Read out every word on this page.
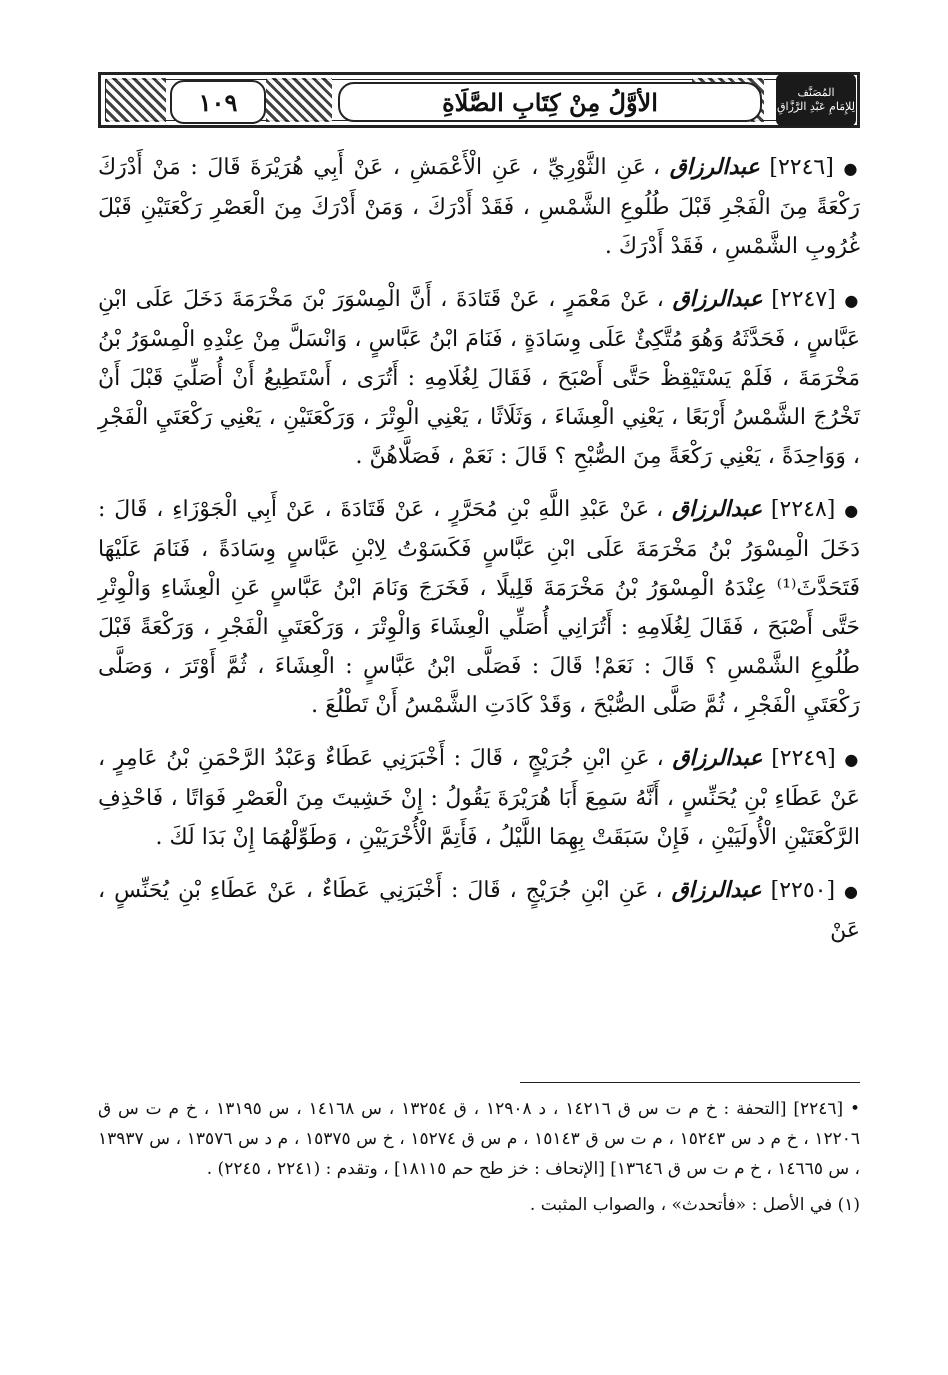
١٠٩	الأوَّلُ مِنْ كِتَابِ الصَّلَاةِ	المُصَنَّف
لِلإِمَامِ عَبْدِ الرَّزَّاقِ

● [٢٢٤٦] عبدالرزاق ، عَنِ الثَّوْرِيِّ ، عَنِ الْأَعْمَشِ ، عَنْ أَبِي هُرَيْرَةَ قَالَ : مَنْ أَدْرَكَ رَكْعَةً مِنَ الْفَجْرِ قَبْلَ طُلُوعِ الشَّمْسِ ، فَقَدْ أَدْرَكَ ، وَمَنْ أَدْرَكَ مِنَ الْعَصْرِ رَكْعَتَيْنِ قَبْلَ غُرُوبِ الشَّمْسِ ، فَقَدْ أَدْرَكَ .

● [٢٢٤٧] عبدالرزاق ، عَنْ مَعْمَرٍ ، عَنْ قَتَادَةَ ، أَنَّ الْمِسْوَرَ بْنَ مَخْرَمَةَ دَخَلَ عَلَى ابْنِ عَبَّاسٍ ، فَحَدَّثَهُ وَهُوَ مُتَّكِئٌ عَلَى وِسَادَةٍ ، فَنَامَ ابْنُ عَبَّاسٍ ، وَانْسَلَّ مِنْ عِنْدِهِ الْمِسْوَرُ بْنُ مَخْرَمَةَ ، فَلَمْ يَسْتَيْقِظْ حَتَّى أَصْبَحَ ، فَقَالَ لِغُلَامِهِ : أَتُرَى ، أَسْتَطِيعُ أَنْ أُصَلِّيَ قَبْلَ أَنْ تَخْرُجَ الشَّمْسُ أَرْبَعًا ، يَعْنِي الْعِشَاءَ ، وَثَلَاثًا ، يَعْنِي الْوِتْرَ ، وَرَكْعَتَيْنِ ، يَعْنِي رَكْعَتَيِ الْفَجْرِ ، وَوَاحِدَةً ، يَعْنِي رَكْعَةً مِنَ الصُّبْحِ ؟ قَالَ : نَعَمْ ، فَصَلَّاهُنَّ .

● [٢٢٤٨] عبدالرزاق ، عَنْ عَبْدِ اللَّهِ بْنِ مُحَرَّرٍ ، عَنْ قَتَادَةَ ، عَنْ أَبِي الْجَوْزَاءِ ، قَالَ : دَخَلَ الْمِسْوَرُ بْنُ مَخْرَمَةَ عَلَى ابْنِ عَبَّاسٍ فَكَسَوْتُ لِابْنِ عَبَّاسٍ وِسَادَةً ، فَنَامَ عَلَيْهَا فَتَحَدَّثَ⁽¹⁾ عِنْدَهُ الْمِسْوَرُ بْنُ مَخْرَمَةَ قَلِيلًا ، فَخَرَجَ وَنَامَ ابْنُ عَبَّاسٍ عَنِ الْعِشَاءِ وَالْوِتْرِ حَتَّى أَصْبَحَ ، فَقَالَ لِغُلَامِهِ : أَتُرَانِي أُصَلِّي الْعِشَاءَ وَالْوِتْرَ ، وَرَكْعَتَيِ الْفَجْرِ ، وَرَكْعَةً قَبْلَ طُلُوعِ الشَّمْسِ ؟ قَالَ : نَعَمْ! قَالَ : فَصَلَّى ابْنُ عَبَّاسٍ : الْعِشَاءَ ، ثُمَّ أَوْتَرَ ، وَصَلَّى رَكْعَتَيِ الْفَجْرِ ، ثُمَّ صَلَّى الصُّبْحَ ، وَقَدْ كَادَتِ الشَّمْسُ أَنْ تَطْلُعَ .

● [٢٢٤٩] عبدالرزاق ، عَنِ ابْنِ جُرَيْجٍ ، قَالَ : أَخْبَرَنِي عَطَاءٌ وَعَبْدُ الرَّحْمَنِ بْنُ عَامِرٍ ، عَنْ عَطَاءِ بْنِ يُحَنِّسٍ ، أَنَّهُ سَمِعَ أَبَا هُرَيْرَةَ يَقُولُ : إِنْ خَشِيتَ مِنَ الْعَصْرِ فَوَاتًا ، فَاحْذِفِ الرَّكْعَتَيْنِ الْأُولَيَيْنِ ، فَإِنْ سَبَقَتْ بِهِمَا اللَّيْلُ ، فَأَتِمَّ الْأُخْرَيَيْنِ ، وَطَوِّلْهُمَا إِنْ بَدَا لَكَ .

● [٢٢٥٠] عبدالرزاق ، عَنِ ابْنِ جُرَيْجٍ ، قَالَ : أَخْبَرَنِي عَطَاءٌ ، عَنْ عَطَاءِ بْنِ يُحَنِّسٍ ، عَنْ

• [٢٢٤٦] [التحفة : خ م ت س ق ١٤٢١٦ ، د ١٢٩٠٨ ، ق ١٣٢٥٤ ، س ١٤١٦٨ ، س ١٣١٩٥ ، خ م ت س ق ١٢٢٠٦ ، خ م د س ١٥٢٤٣ ، م ت س ق ١٥١٤٣ ، م س ق ١٥٢٧٤ ، خ س ١٥٣٧٥ ، م د س ١٣٥٧٦ ، س ١٣٩٣٧ ، س ١٤٦٦٥ ، خ م ت س ق ١٣٦٤٦] [الإتحاف : خز طح حم ١٨١١٥] ، وتقدم : (٢٢٤١ ، ٢٢٤٥) .

(١) في الأصل : «فأتحدث» ، والصواب المثبت .
